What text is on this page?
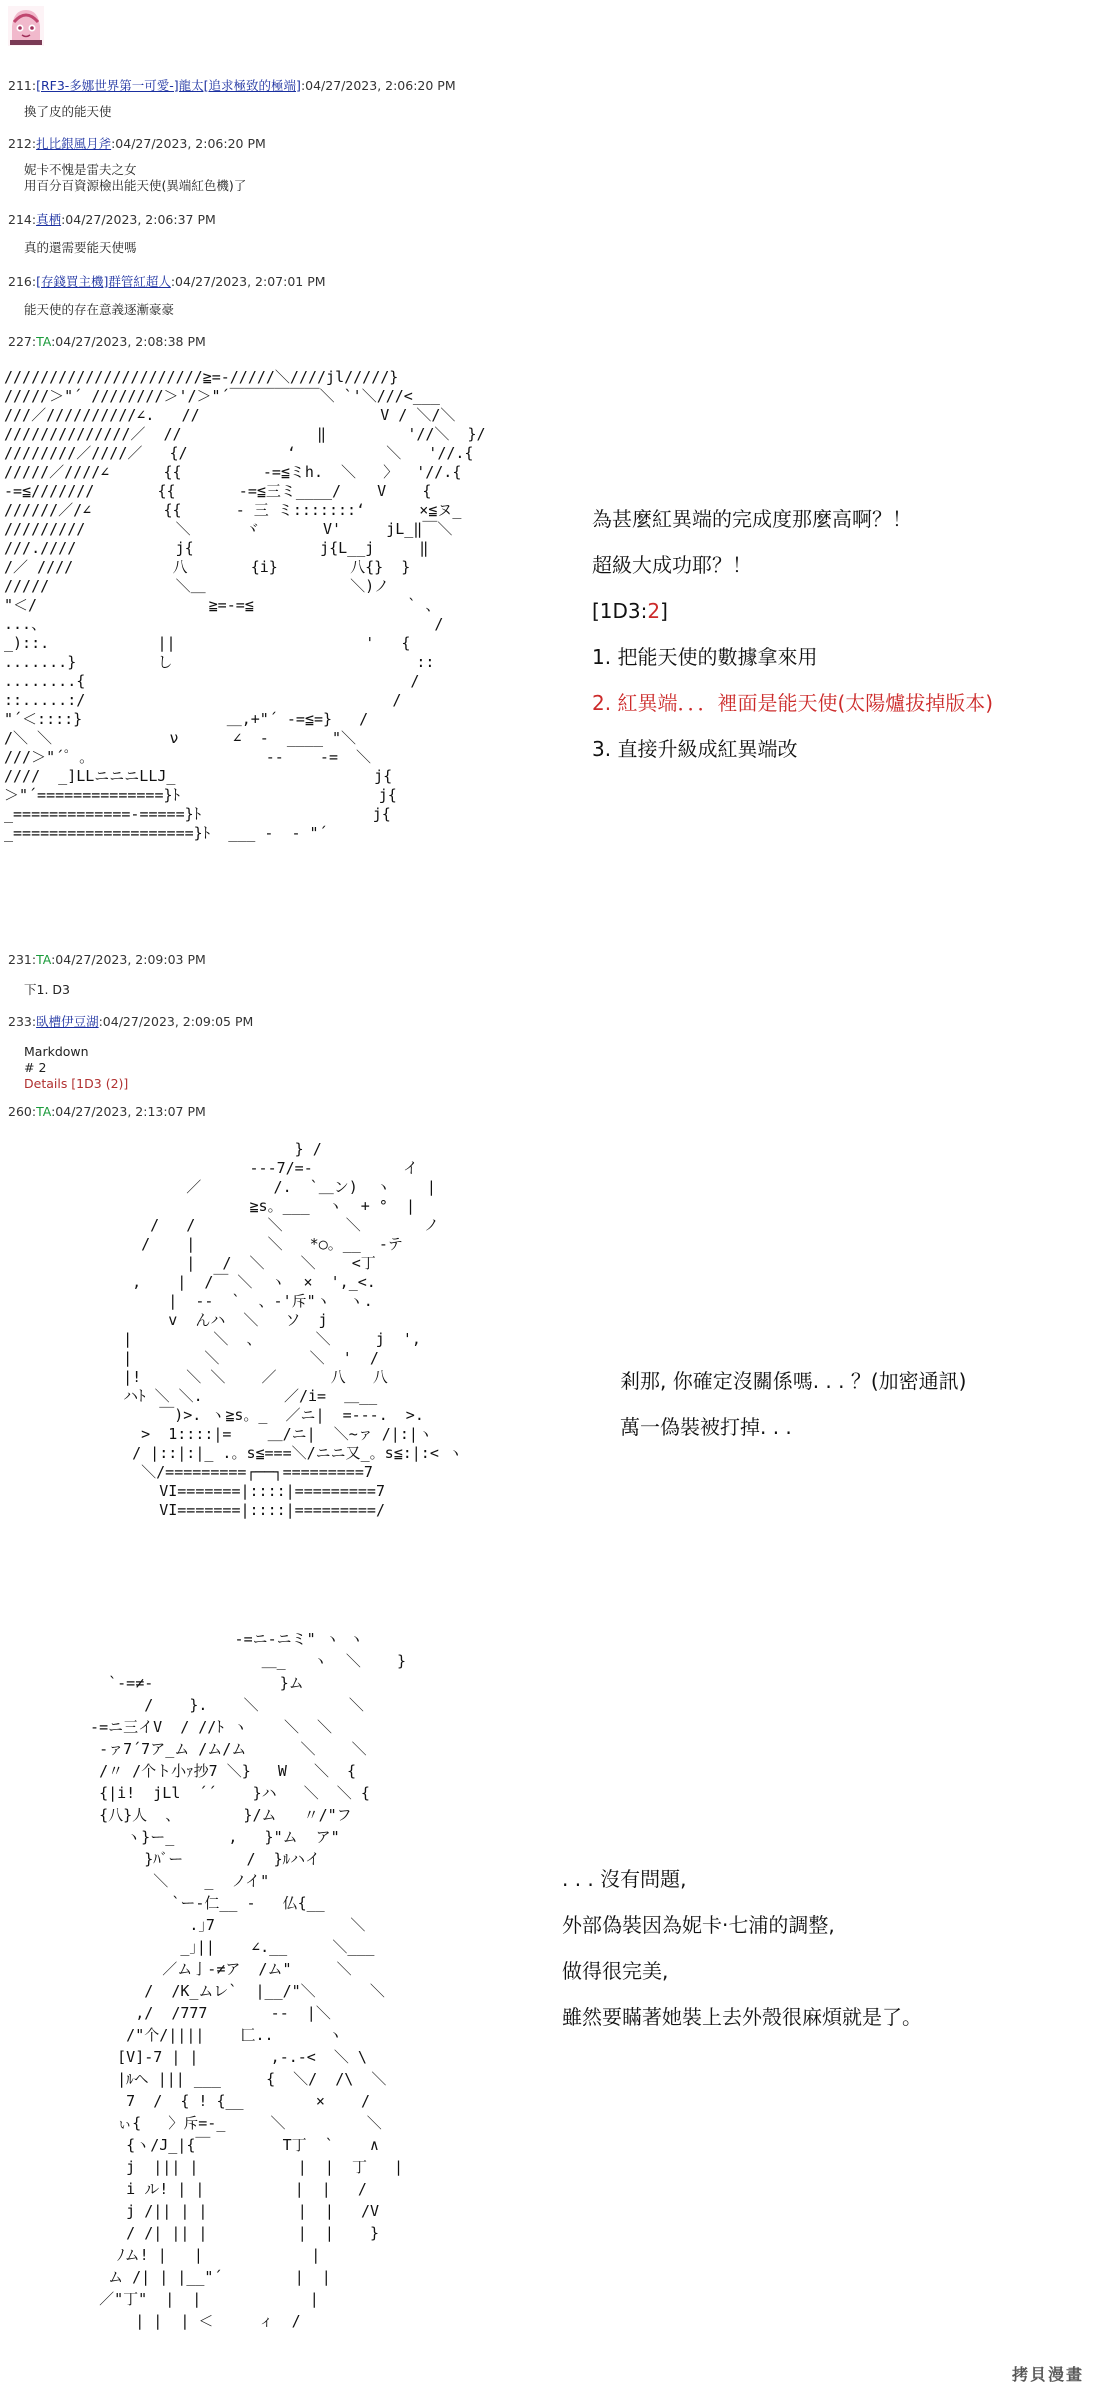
211:[RF3-多娜世界第一可愛-]龍太[追求極致的極端]:04/27/2023, 2:06:20 PM
換了皮的能天使
212:扎比銀風月斧:04/27/2023, 2:06:20 PM
妮卡不愧是雷夫之女
用百分百資源檢出能天使(異端紅色機)了
214:真栖:04/27/2023, 2:06:37 PM
真的還需要能天使嗎
216:[存錢買主機]群管紅超人:04/27/2023, 2:07:01 PM
能天使的存在意義逐漸豪豪
227:TA:04/27/2023, 2:08:38 PM
//////////////////////≧=-/////＼////jl/////}
/////＞"´ ////////＞'/＞"´￣￣￣￣￣￣＼ `'＼///<___
///／//////////∠.   //                    V / ＼/＼
//////////////／  //               ‖         '//＼  }/
////////／////／   {/           ‘          ＼   '//.{
/////／////∠      {{         -=≦ミh.  ＼   〉  '//.{
-=≦///////       {{       -=≦三ミ____/    V    {
//////／/∠        {{      ‐ 三 ミ:::::::‘      ×≦ヌ_
/////////          ＼      ヾ       V'     jL_‖￣＼
///.////           j{              j{L__j     ‖
/／ ////           八       {i}        八{}  }
/////              ＼＿                ＼)ノ
"＜/                   ≧=-=≦                 ` 、
...、                                           /
_)::.            ||                     '   {
.......}         し                           ::
........{                                    /
::.....:/                                  /
"´＜::::}                ＿,+"´ -=≦=}   /
/＼ ＼             ν      ∠  ‐  ____ "＼
///＞"´゜。                   ‐-    -=  ＼
////  _]LLニニニLLJ_                      j{
＞"´==============}ﾄ                      j{
_=============-=====}ﾄ                   j{
_====================}ﾄ  ___ ‐  ‐ "´
為甚麼紅異端的完成度那麼高啊？！
超級大成功耶？！
[1D3:2]
1. 把能天使的數據拿來用
2. 紅異端．．．裡面是能天使(太陽爐拔掉版本)
3. 直接升級成紅異端改
231:TA:04/27/2023, 2:09:03 PM
下1. D3
233:臥槽伊豆湖:04/27/2023, 2:09:05 PM
Markdown
# 2
Details [1D3 (2)]
260:TA:04/27/2023, 2:13:07 PM
} /
‐--7/=-          イ
／        /.  `＿ン)  ヽ    |
≧s。___  ヽ  + °  |
/   /        ＼       ＼       ノ
/    |        ＼   *○。__  -テ
|   /  ＼    ＼    <丁
,    |  /￣ ＼  ヽ  ×  ',_<.
|  ‐-  `  、-'斥"ヽ  ヽ.
v  んハ  ＼   ソ  j
|         ＼  、      ＼     j  ',
|        ＼          ＼  '  /
|!     ＼ ＼    ／      八   八
ハﾄ ＼ ＼.         ／/i=  ＿__
￣)>. ヽ≧s。_  ／ニ|  =--‐.  >.
>  1::::|=    ＿/ニ|  ＼~ァ /|:|ヽ
/ |::|:|_ .。s≦===＼/ニニ又_。s≦:|:< ヽ
＼/=========┌──┐=========7
VI=======|::::|=========7
VI=======|::::|=========/
剎那, 你確定沒關係嗎. . . ？(加密通訊)
萬一偽裝被打掉. . .
-=ニ-ニミ" ヽ ヽ
＿_   ヽ  ＼    }
`-=≠-              }ム
/    }.    ＼          ＼
-=ニ三イV  / //ﾄ ヽ    ＼  ＼
‐ァ7´7ア_ム /ム/ム      ＼    ＼
/〃 /个ト小ｧ抄7 ＼}   W   ＼  {
{|i!  jLl  ´´    }ハ   ＼  ＼ {
{八}人  、       }/ム   〃/"フ
ヽ}ー_      ,   }"ム  ア"
}ﾊﾞー       /  }ﾙハイ
＼    _  ノイ"
`ー-仁__ -   仏{__
.｣7               ＼
_｣||    ∠.__     ＼___
／ム亅-≠ア  /ム"     ＼
/  /K_ムレ`  |__/"＼      ＼
,/  /777       ‐‐  |＼
/"个/||||    匚..      ヽ
[V]-7 | |        ,-.-<  ＼ \
|ﾙヘ ||| ___     {  ＼/  /\  ＼
7  /  { ! {__        ×    /
ぃ{   〉斥=-_     ＼         ＼
{ヽ/J_|{￣        T丁  `    ∧
j  ||| |           |  |  丁   |
i ル! | |          |  |   /
j /|| | |          |  |   /V
/ /| || |          |  |    }
ﾉム! |   |            |
ム /| | |__"´        |  |
／"丁"  |  |            |
| |  | ＜     ィ  /
. . . 沒有問題,
外部偽裝因為妮卡·七浦的調整,
做得很完美,
雖然要瞞著她裝上去外殼很麻煩就是了。
拷貝漫畫
